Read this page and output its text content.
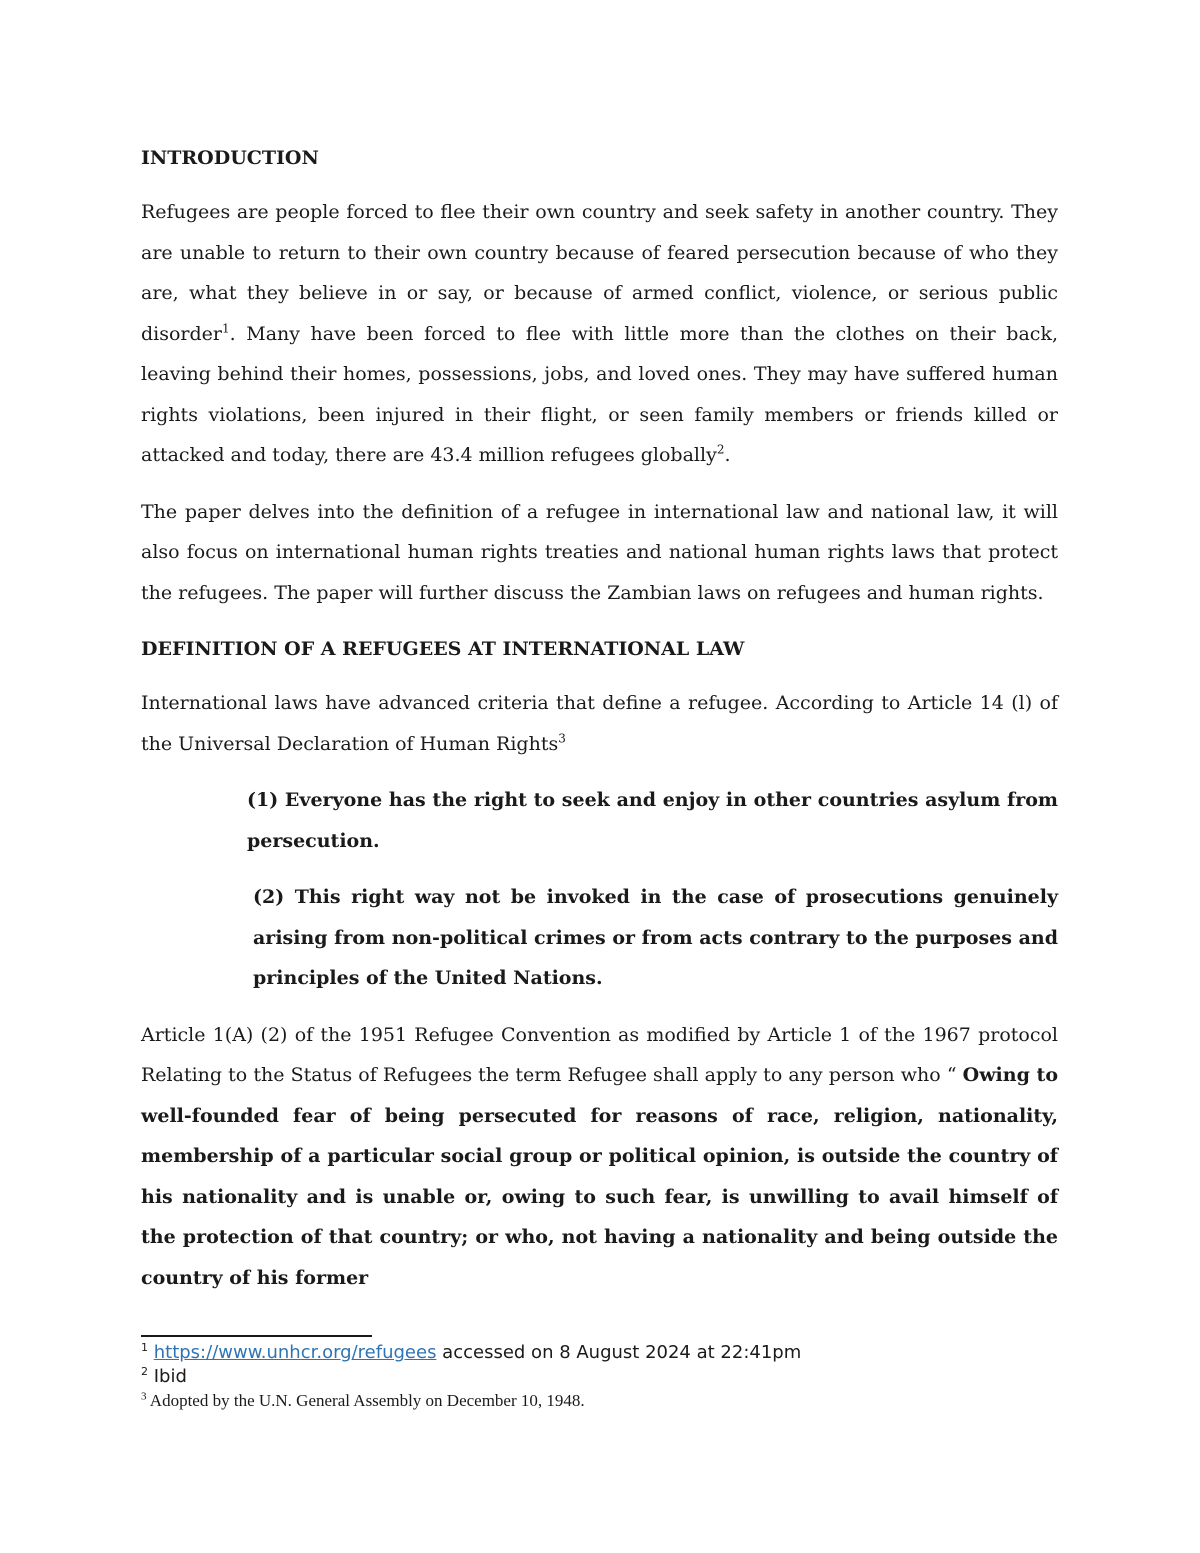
INTRODUCTION

Refugees are people forced to flee their own country and seek safety in another country. They are unable to return to their own country because of feared persecution because of who they are, what they believe in or say, or because of armed conflict, violence, or serious public disorder$^1$. Many have been forced to flee with little more than the clothes on their back, leaving behind their homes, possessions, jobs, and loved ones. They may have suffered human rights violations, been injured in their flight, or seen family members or friends killed or attacked and today, there are 43.4 million refugees globally$^2$.

The paper delves into the definition of a refugee in international law and national law, it will also focus on international human rights treaties and national human rights laws that protect the refugees. The paper will further discuss the Zambian laws on refugees and human rights.

DEFINITION OF A REFUGEES AT INTERNATIONAL LAW

International laws have advanced criteria that define a refugee. According to Article 14 (l) of the Universal Declaration of Human Rights$^3$

(1) Everyone has the right to seek and enjoy in other countries asylum from persecution.

(2) This right way not be invoked in the case of prosecutions genuinely arising from non-political crimes or from acts contrary to the purposes and principles of the United Nations.

Article 1(A) (2) of the 1951 Refugee Convention as modified by Article 1 of the 1967 protocol Relating to the Status of Refugees the term Refugee shall apply to any person who “ Owing to well-founded fear of being persecuted for reasons of race, religion, nationality, membership of a particular social group or political opinion, is outside the country of his nationality and is unable or, owing to such fear, is unwilling to avail himself of the protection of that country; or who, not having a nationality and being outside the country of his former

$^1$ https://www.unhcr.org/refugees accessed on 8 August 2024 at 22:41pm

$^2$ Ibid

$^3$ Adopted by the U.N. General Assembly on December 10, 1948.
